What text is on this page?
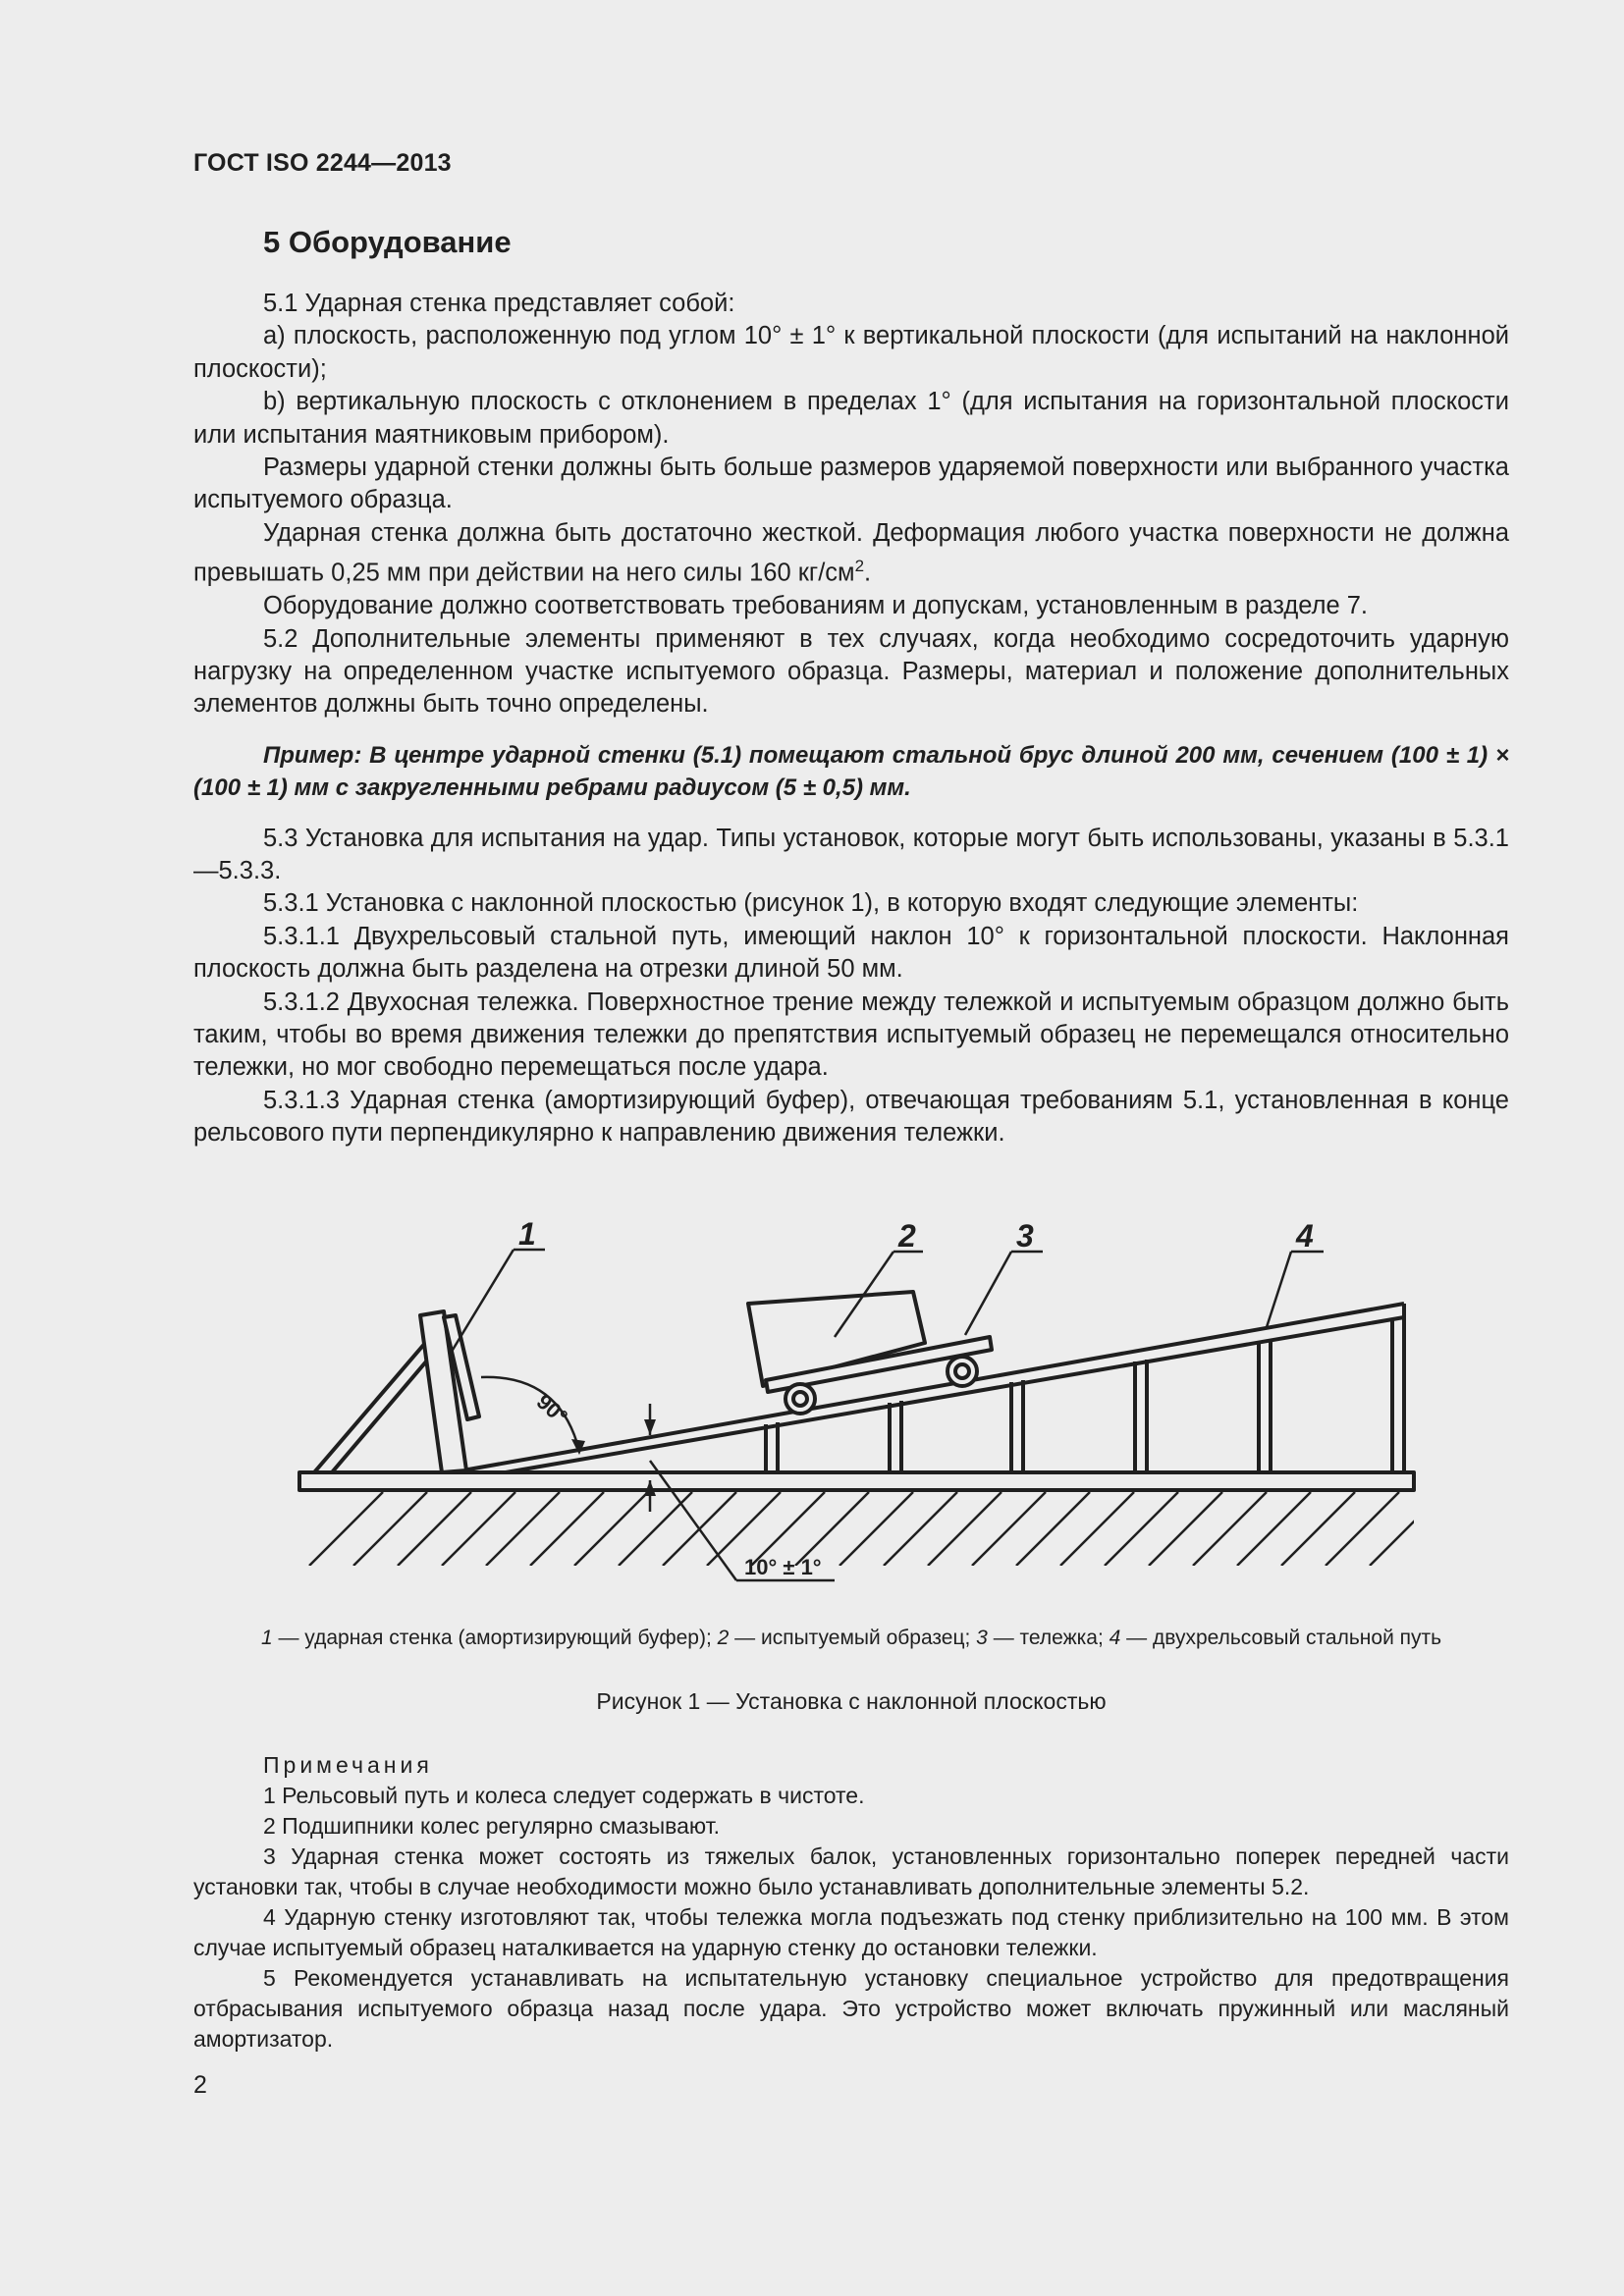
ГОСТ ISO 2244—2013
5 Оборудование

5.1 Ударная стенка представляет собой:

а) плоскость, расположенную под углом 10° ± 1° к вертикальной плоскости (для испытаний на наклонной плоскости);

b) вертикальную плоскость с отклонением в пределах 1° (для испытания на горизонтальной плоскости или испытания маятниковым прибором).

Размеры ударной стенки должны быть больше размеров ударяемой поверхности или выбранного участка испытуемого образца.

Ударная стенка должна быть достаточно жесткой. Деформация любого участка поверхности не должна превышать 0,25 мм при действии на него силы 160 $кг/см^2$.

Оборудование должно соответствовать требованиям и допускам, установленным в разделе 7.

5.2 Дополнительные элементы применяют в тех случаях, когда необходимо сосредоточить ударную нагрузку на определенном участке испытуемого образца. Размеры, материал и положение дополнительных элементов должны быть точно определены.

Пример: В центре ударной стенки (5.1) помещают стальной брус длиной 200 мм, сечением (100 ± 1) × (100 ± 1) мм с закругленными ребрами радиусом (5 ± 0,5) мм.

5.3 Установка для испытания на удар. Типы установок, которые могут быть использованы, указаны в 5.3.1—5.3.3.

5.3.1 Установка с наклонной плоскостью (рисунок 1), в которую входят следующие элементы:

5.3.1.1 Двухрельсовый стальной путь, имеющий наклон 10° к горизонтальной плоскости. Наклонная плоскость должна быть разделена на отрезки длиной 50 мм.

5.3.1.2 Двухосная тележка. Поверхностное трение между тележкой и испытуемым образцом должно быть таким, чтобы во время движения тележки до препятствия испытуемый образец не перемещался относительно тележки, но мог свободно перемещаться после удара.

5.3.1.3 Ударная стенка (амортизирующий буфер), отвечающая требованиям 5.1, установленная в конце рельсового пути перпендикулярно к направлению движения тележки.

1	2	3	4
90°
10° ± 1°
1 — ударная стенка (амортизирующий буфер); 2 — испытуемый образец; 3 — тележка; 4 — двухрельсовый стальной путь
Рисунок 1 — Установка с наклонной плоскостью

Примечания

1 Рельсовый путь и колеса следует содержать в чистоте.

2 Подшипники колес регулярно смазывают.

3 Ударная стенка может состоять из тяжелых балок, установленных горизонтально поперек передней части установки так, чтобы в случае необходимости можно было устанавливать дополнительные элементы 5.2.

4 Ударную стенку изготовляют так, чтобы тележка могла подъезжать под стенку приблизительно на 100 мм. В этом случае испытуемый образец наталкивается на ударную стенку до остановки тележки.

5 Рекомендуется устанавливать на испытательную установку специальное устройство для предотвращения отбрасывания испытуемого образца назад после удара. Это устройство может включать пружинный или масляный амортизатор.

2
